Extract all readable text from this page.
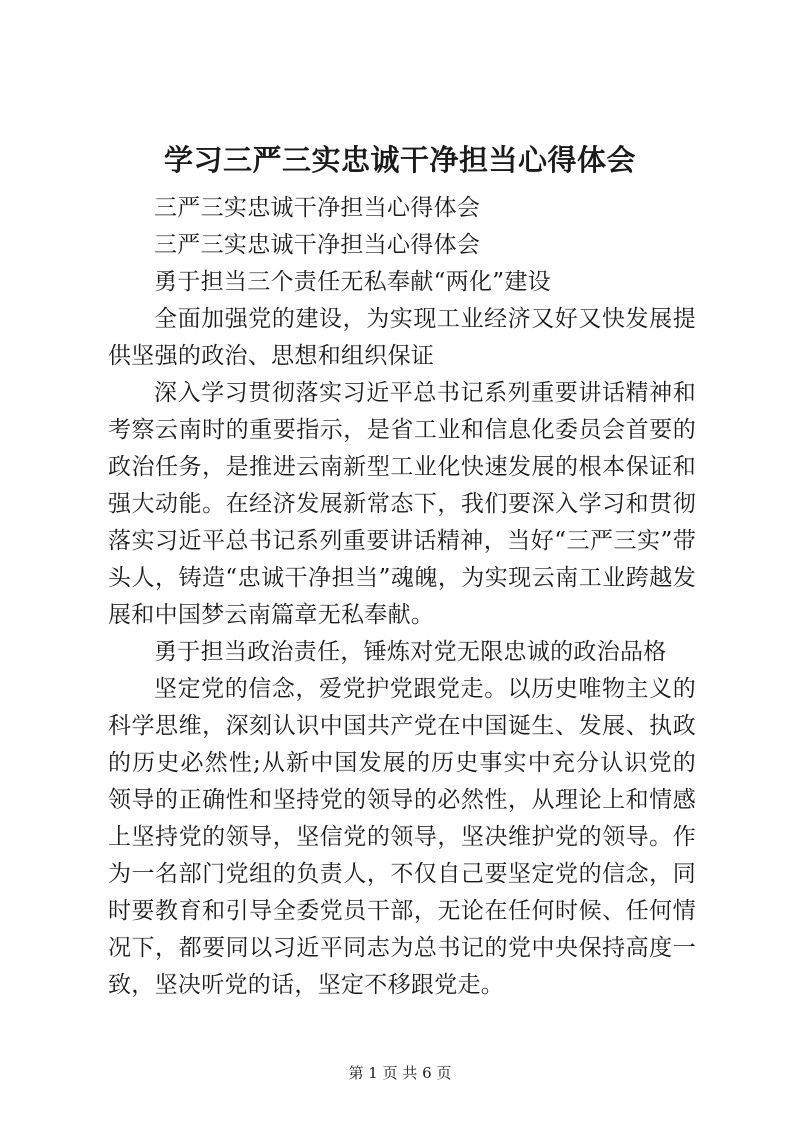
学习三严三实忠诚干净担当心得体会

三严三实忠诚干净担当心得体会

三严三实忠诚干净担当心得体会

勇于担当三个责任无私奉献“两化”建设

全面加强党的建设，为实现工业经济又好又快发展提供坚强的政治、思想和组织保证

深入学习贯彻落实习近平总书记系列重要讲话精神和考察云南时的重要指示，是省工业和信息化委员会首要的政治任务，是推进云南新型工业化快速发展的根本保证和强大动能。在经济发展新常态下，我们要深入学习和贯彻落实习近平总书记系列重要讲话精神，当好“三严三实”带头人，铸造“忠诚干净担当”魂魄，为实现云南工业跨越发展和中国梦云南篇章无私奉献。

勇于担当政治责任，锤炼对党无限忠诚的政治品格

坚定党的信念，爱党护党跟党走。以历史唯物主义的科学思维，深刻认识中国共产党在中国诞生、发展、执政的历史必然性;从新中国发展的历史事实中充分认识党的领导的正确性和坚持党的领导的必然性，从理论上和情感上坚持党的领导，坚信党的领导，坚决维护党的领导。作为一名部门党组的负责人，不仅自己要坚定党的信念，同时要教育和引导全委党员干部，无论在任何时候、任何情况下，都要同以习近平同志为总书记的党中央保持高度一致，坚决听党的话，坚定不移跟党走。

第 1 页 共 6 页
